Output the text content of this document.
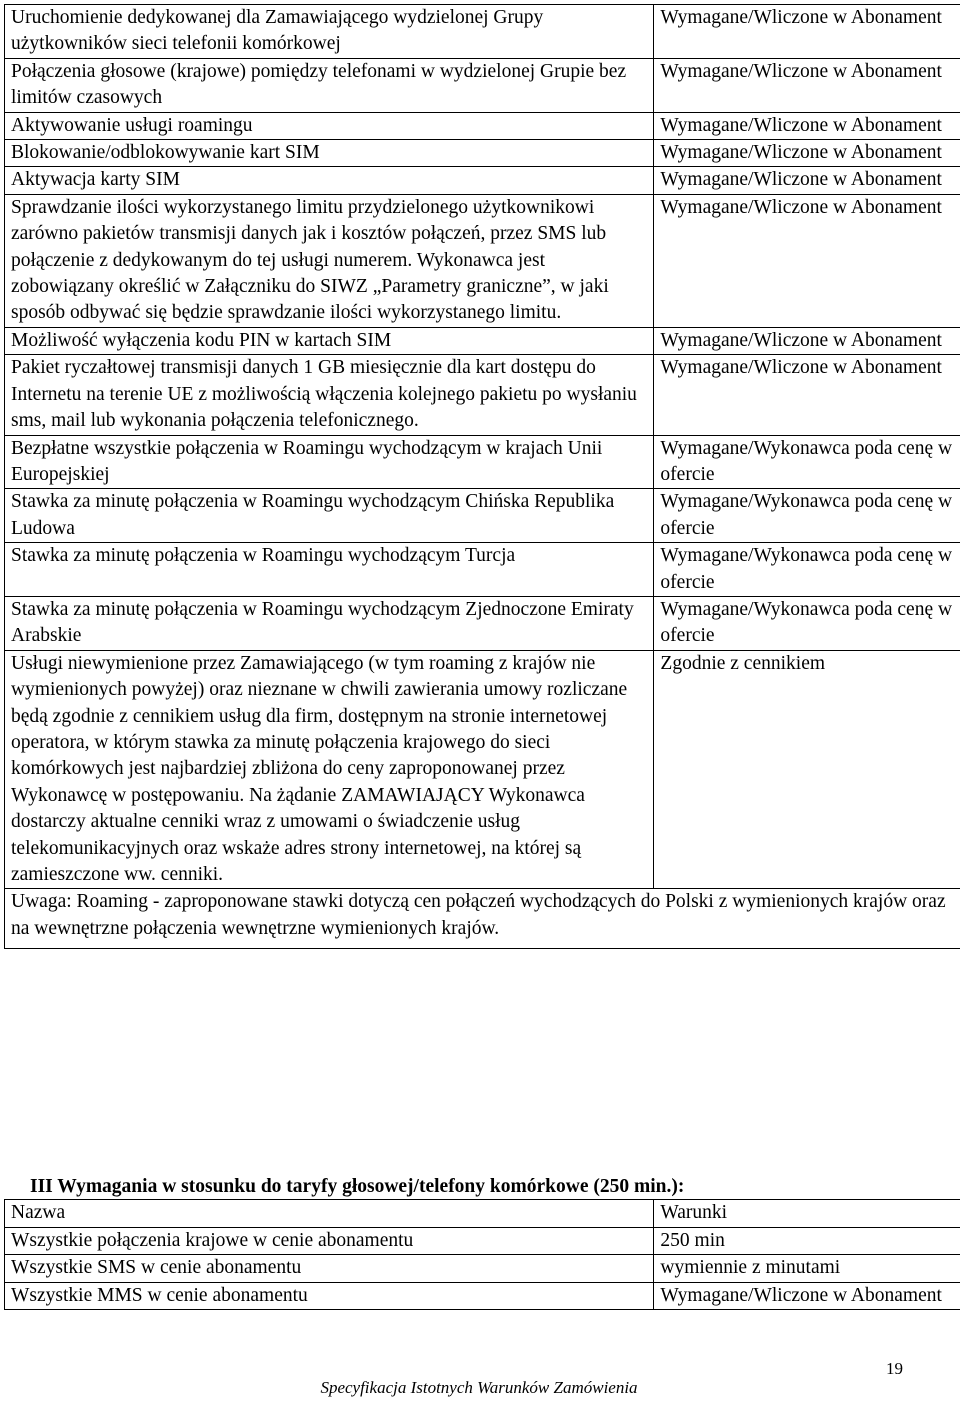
Uruchomienie dedykowanej dla Zamawiającego wydzielonej Grupy użytkowników sieci telefonii komórkowej	Wymagane/Wliczone w Abonament
Połączenia głosowe (krajowe) pomiędzy telefonami w wydzielonej Grupie bez limitów czasowych	Wymagane/Wliczone w Abonament
Aktywowanie usługi roamingu	Wymagane/Wliczone w Abonament
Blokowanie/odblokowywanie kart SIM	Wymagane/Wliczone w Abonament
Aktywacja karty SIM	Wymagane/Wliczone w Abonament
Sprawdzanie ilości wykorzystanego limitu przydzielonego użytkownikowi zarówno pakietów transmisji danych jak i kosztów połączeń, przez SMS lub połączenie z dedykowanym do tej usługi numerem. Wykonawca jest zobowiązany określić w Załączniku do SIWZ „Parametry graniczne”, w jaki sposób odbywać się będzie sprawdzanie ilości wykorzystanego limitu.	Wymagane/Wliczone w Abonament
Możliwość wyłączenia kodu PIN w kartach SIM	Wymagane/Wliczone w Abonament
Pakiet ryczałtowej transmisji danych 1 GB miesięcznie dla kart dostępu do Internetu na terenie UE z możliwością włączenia kolejnego pakietu po wysłaniu sms, mail lub wykonania połączenia telefonicznego.	Wymagane/Wliczone w Abonament
Bezpłatne wszystkie połączenia w Roamingu wychodzącym w krajach Unii Europejskiej	Wymagane/Wykonawca poda cenę w ofercie
Stawka za minutę połączenia w Roamingu wychodzącym Chińska Republika Ludowa	Wymagane/Wykonawca poda cenę w ofercie
Stawka za minutę połączenia w Roamingu wychodzącym Turcja	Wymagane/Wykonawca poda cenę w ofercie
Stawka za minutę połączenia w Roamingu wychodzącym Zjednoczone Emiraty Arabskie	Wymagane/Wykonawca poda cenę w ofercie
Usługi niewymienione przez Zamawiającego (w tym roaming z krajów nie wymienionych powyżej) oraz nieznane w chwili zawierania umowy rozliczane będą zgodnie z cennikiem usług dla firm, dostępnym na stronie internetowej operatora, w którym stawka za minutę połączenia krajowego do sieci komórkowych jest najbardziej zbliżona do ceny zaproponowanej przez Wykonawcę w postępowaniu. Na żądanie ZAMAWIAJĄCY Wykonawca dostarczy aktualne cenniki wraz z umowami o świadczenie usług telekomunikacyjnych oraz wskaże adres strony internetowej, na której są zamieszczone ww. cenniki.	Zgodnie z cennikiem
Uwaga: Roaming - zaproponowane stawki dotyczą cen połączeń wychodzących do Polski z wymienionych krajów oraz na wewnętrzne połączenia wewnętrzne wymienionych krajów.	
III Wymagania w stosunku do taryfy głosowej/telefony komórkowe (250 min.):
Nazwa	Warunki
Wszystkie połączenia krajowe w cenie abonamentu	250 min
Wszystkie SMS w cenie abonamentu	wymiennie z minutami
Wszystkie MMS w cenie abonamentu	Wymagane/Wliczone w Abonament
19
Specyfikacja Istotnych Warunków Zamówienia
